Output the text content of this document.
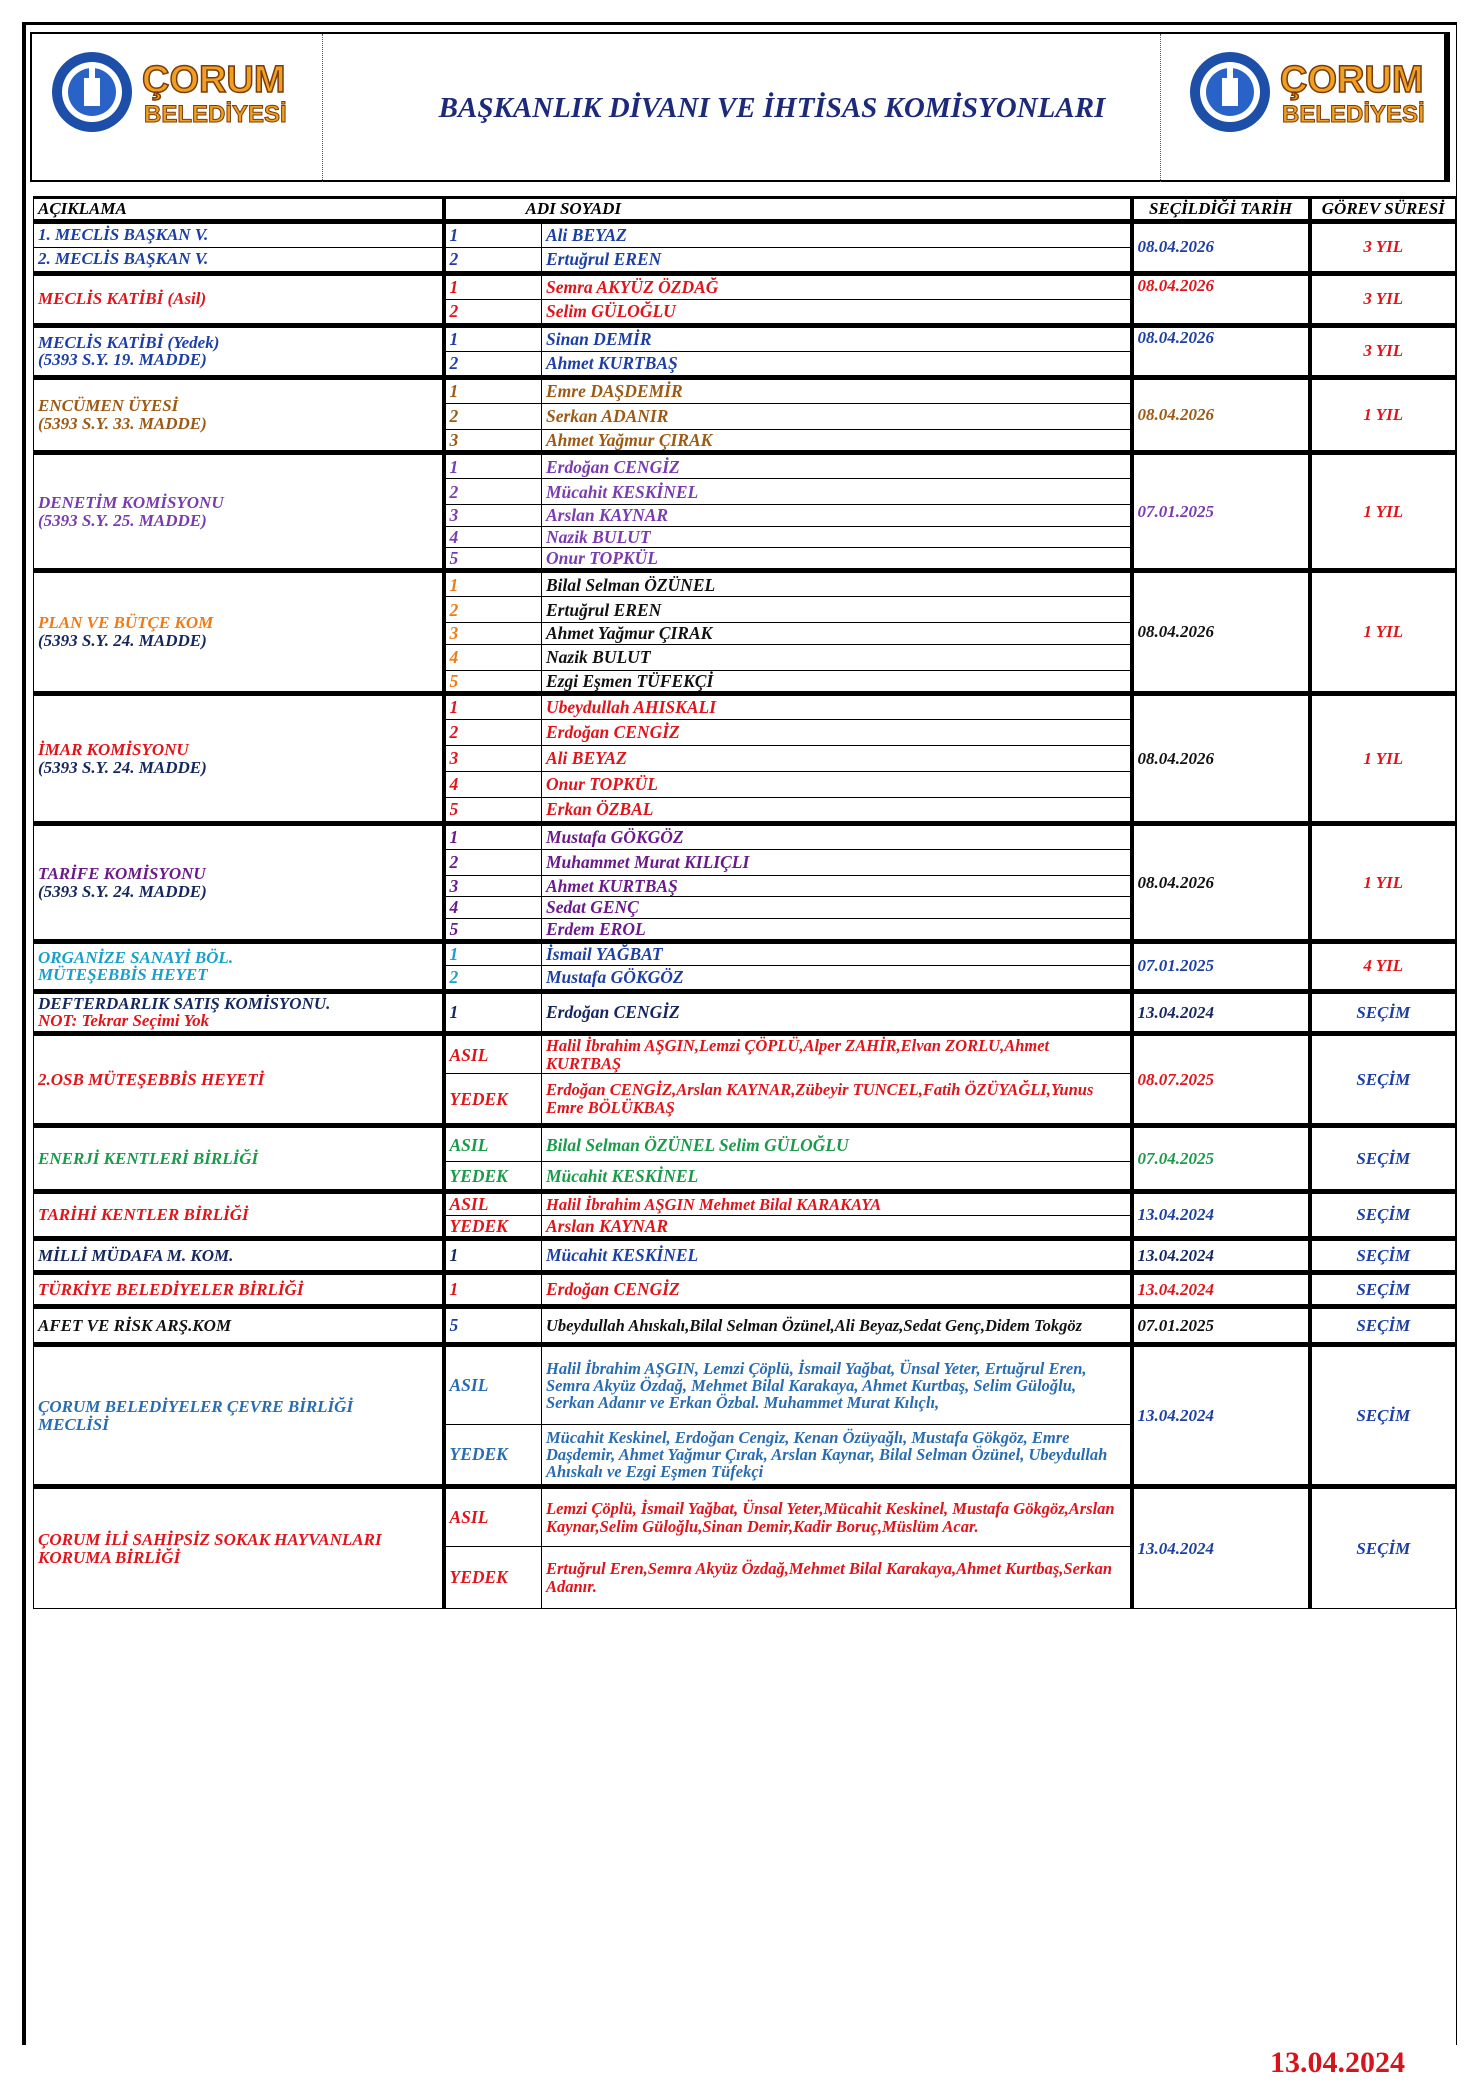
ÇORUM
BELEDİYESİ
ÇORUM
BELEDİYESİ
BAŞKANLIK DİVANI VE İHTİSAS KOMİSYONLARI
AÇIKLAMA	ADI SOYADI		SEÇİLDİĞİ TARİH	GÖREV SÜRESİ

1. MECLİS BAŞKAN V.	1	Ali BEYAZ	08.04.2026	3 YIL

2. MECLİS BAŞKAN V.	2	Ertuğrul EREN		

MECLİS KATİBİ (Asil)	1	Semra AKYÜZ ÖZDAĞ	08.04.2026	3 YIL
	2	Selim GÜLOĞLU		

MECLİS KATİBİ (Yedek)
(5393 S.Y. 19. MADDE)	1	Sinan DEMİR	08.04.2026	3 YIL
	2	Ahmet KURTBAŞ		

ENCÜMEN ÜYESİ
(5393 S.Y. 33. MADDE)	1	Emre DAŞDEMİR	08.04.2026	1 YIL
	2	Serkan ADANIR		
	3	Ahmet Yağmur ÇIRAK		

DENETİM KOMİSYONU
(5393 S.Y. 25. MADDE)	1	Erdoğan CENGİZ	07.01.2025	1 YIL
	2	Mücahit KESKİNEL		
	3	Arslan KAYNAR		
	4	Nazik BULUT		
	5	Onur TOPKÜL		

PLAN VE BÜTÇE KOM
(5393 S.Y. 24. MADDE)	1	Bilal Selman ÖZÜNEL	08.04.2026	1 YIL
	2	Ertuğrul EREN		
	3	Ahmet Yağmur ÇIRAK		
	4	Nazik BULUT		
	5	Ezgi Eşmen TÜFEKÇİ		

İMAR KOMİSYONU
(5393 S.Y. 24. MADDE)	1	Ubeydullah AHISKALI	08.04.2026	1 YIL
	2	Erdoğan CENGİZ		
	3	Ali BEYAZ		
	4	Onur TOPKÜL		
	5	Erkan ÖZBAL		

TARİFE KOMİSYONU
(5393 S.Y. 24. MADDE)	1	Mustafa GÖKGÖZ	08.04.2026	1 YIL
	2	Muhammet Murat KILIÇLI		
	3	Ahmet KURTBAŞ		
	4	Sedat GENÇ		
	5	Erdem EROL		

ORGANİZE SANAYİ BÖL.
MÜTEŞEBBİS HEYET	1	İsmail YAĞBAT	07.01.2025	4 YIL
	2	Mustafa GÖKGÖZ		

DEFTERDARLIK SATIŞ KOMİSYONU.
NOT: Tekrar Seçimi Yok	1	Erdoğan CENGİZ	13.04.2024	SEÇİM

2.OSB MÜTEŞEBBİS HEYETİ	ASIL	Halil İbrahim AŞGIN,Lemzi ÇÖPLÜ,Alper ZAHİR,Elvan ZORLU,Ahmet KURTBAŞ	08.07.2025	SEÇİM
	YEDEK	Erdoğan CENGİZ,Arslan KAYNAR,Zübeyir TUNCEL,Fatih ÖZÜYAĞLI,Yunus Emre BÖLÜKBAŞ		

ENERJİ KENTLERİ BİRLİĞİ	ASIL	Bilal Selman ÖZÜNEL Selim GÜLOĞLU	07.04.2025	SEÇİM
	YEDEK	Mücahit KESKİNEL		

TARİHİ KENTLER BİRLİĞİ	ASIL	Halil İbrahim AŞGIN Mehmet Bilal KARAKAYA	13.04.2024	SEÇİM
	YEDEK	Arslan KAYNAR		

MİLLİ MÜDAFA M. KOM.	1	Mücahit KESKİNEL	13.04.2024	SEÇİM

TÜRKİYE BELEDİYELER BİRLİĞİ	1	Erdoğan CENGİZ	13.04.2024	SEÇİM

AFET VE RİSK ARŞ.KOM	5	Ubeydullah Ahıskalı,Bilal Selman Özünel,Ali Beyaz,Sedat Genç,Didem Tokgöz	07.01.2025	SEÇİM

ÇORUM BELEDİYELER ÇEVRE BİRLİĞİ
MECLİSİ	ASIL	Halil İbrahim AŞGIN, Lemzi Çöplü, İsmail Yağbat, Ünsal Yeter, Ertuğrul Eren, Semra Akyüz Özdağ, Mehmet Bilal Karakaya, Ahmet Kurtbaş, Selim Güloğlu, Serkan Adanır ve Erkan Özbal. Muhammet Murat Kılıçlı,	13.04.2024	SEÇİM
	YEDEK	Mücahit Keskinel, Erdoğan Cengiz, Kenan Özüyağlı, Mustafa Gökgöz, Emre Daşdemir, Ahmet Yağmur Çırak, Arslan Kaynar, Bilal Selman Özünel, Ubeydullah Ahıskalı ve Ezgi Eşmen Tüfekçi		

ÇORUM İLİ SAHİPSİZ SOKAK HAYVANLARI
KORUMA BİRLİĞİ	ASIL	Lemzi Çöplü, İsmail Yağbat, Ünsal Yeter,Mücahit Keskinel, Mustafa Gökgöz,Arslan Kaynar,Selim Güloğlu,Sinan Demir,Kadir Boruç,Müslüm Acar.	13.04.2024	SEÇİM
	YEDEK	Ertuğrul Eren,Semra Akyüz Özdağ,Mehmet Bilal Karakaya,Ahmet Kurtbaş,Serkan Adanır.		
13.04.2024
